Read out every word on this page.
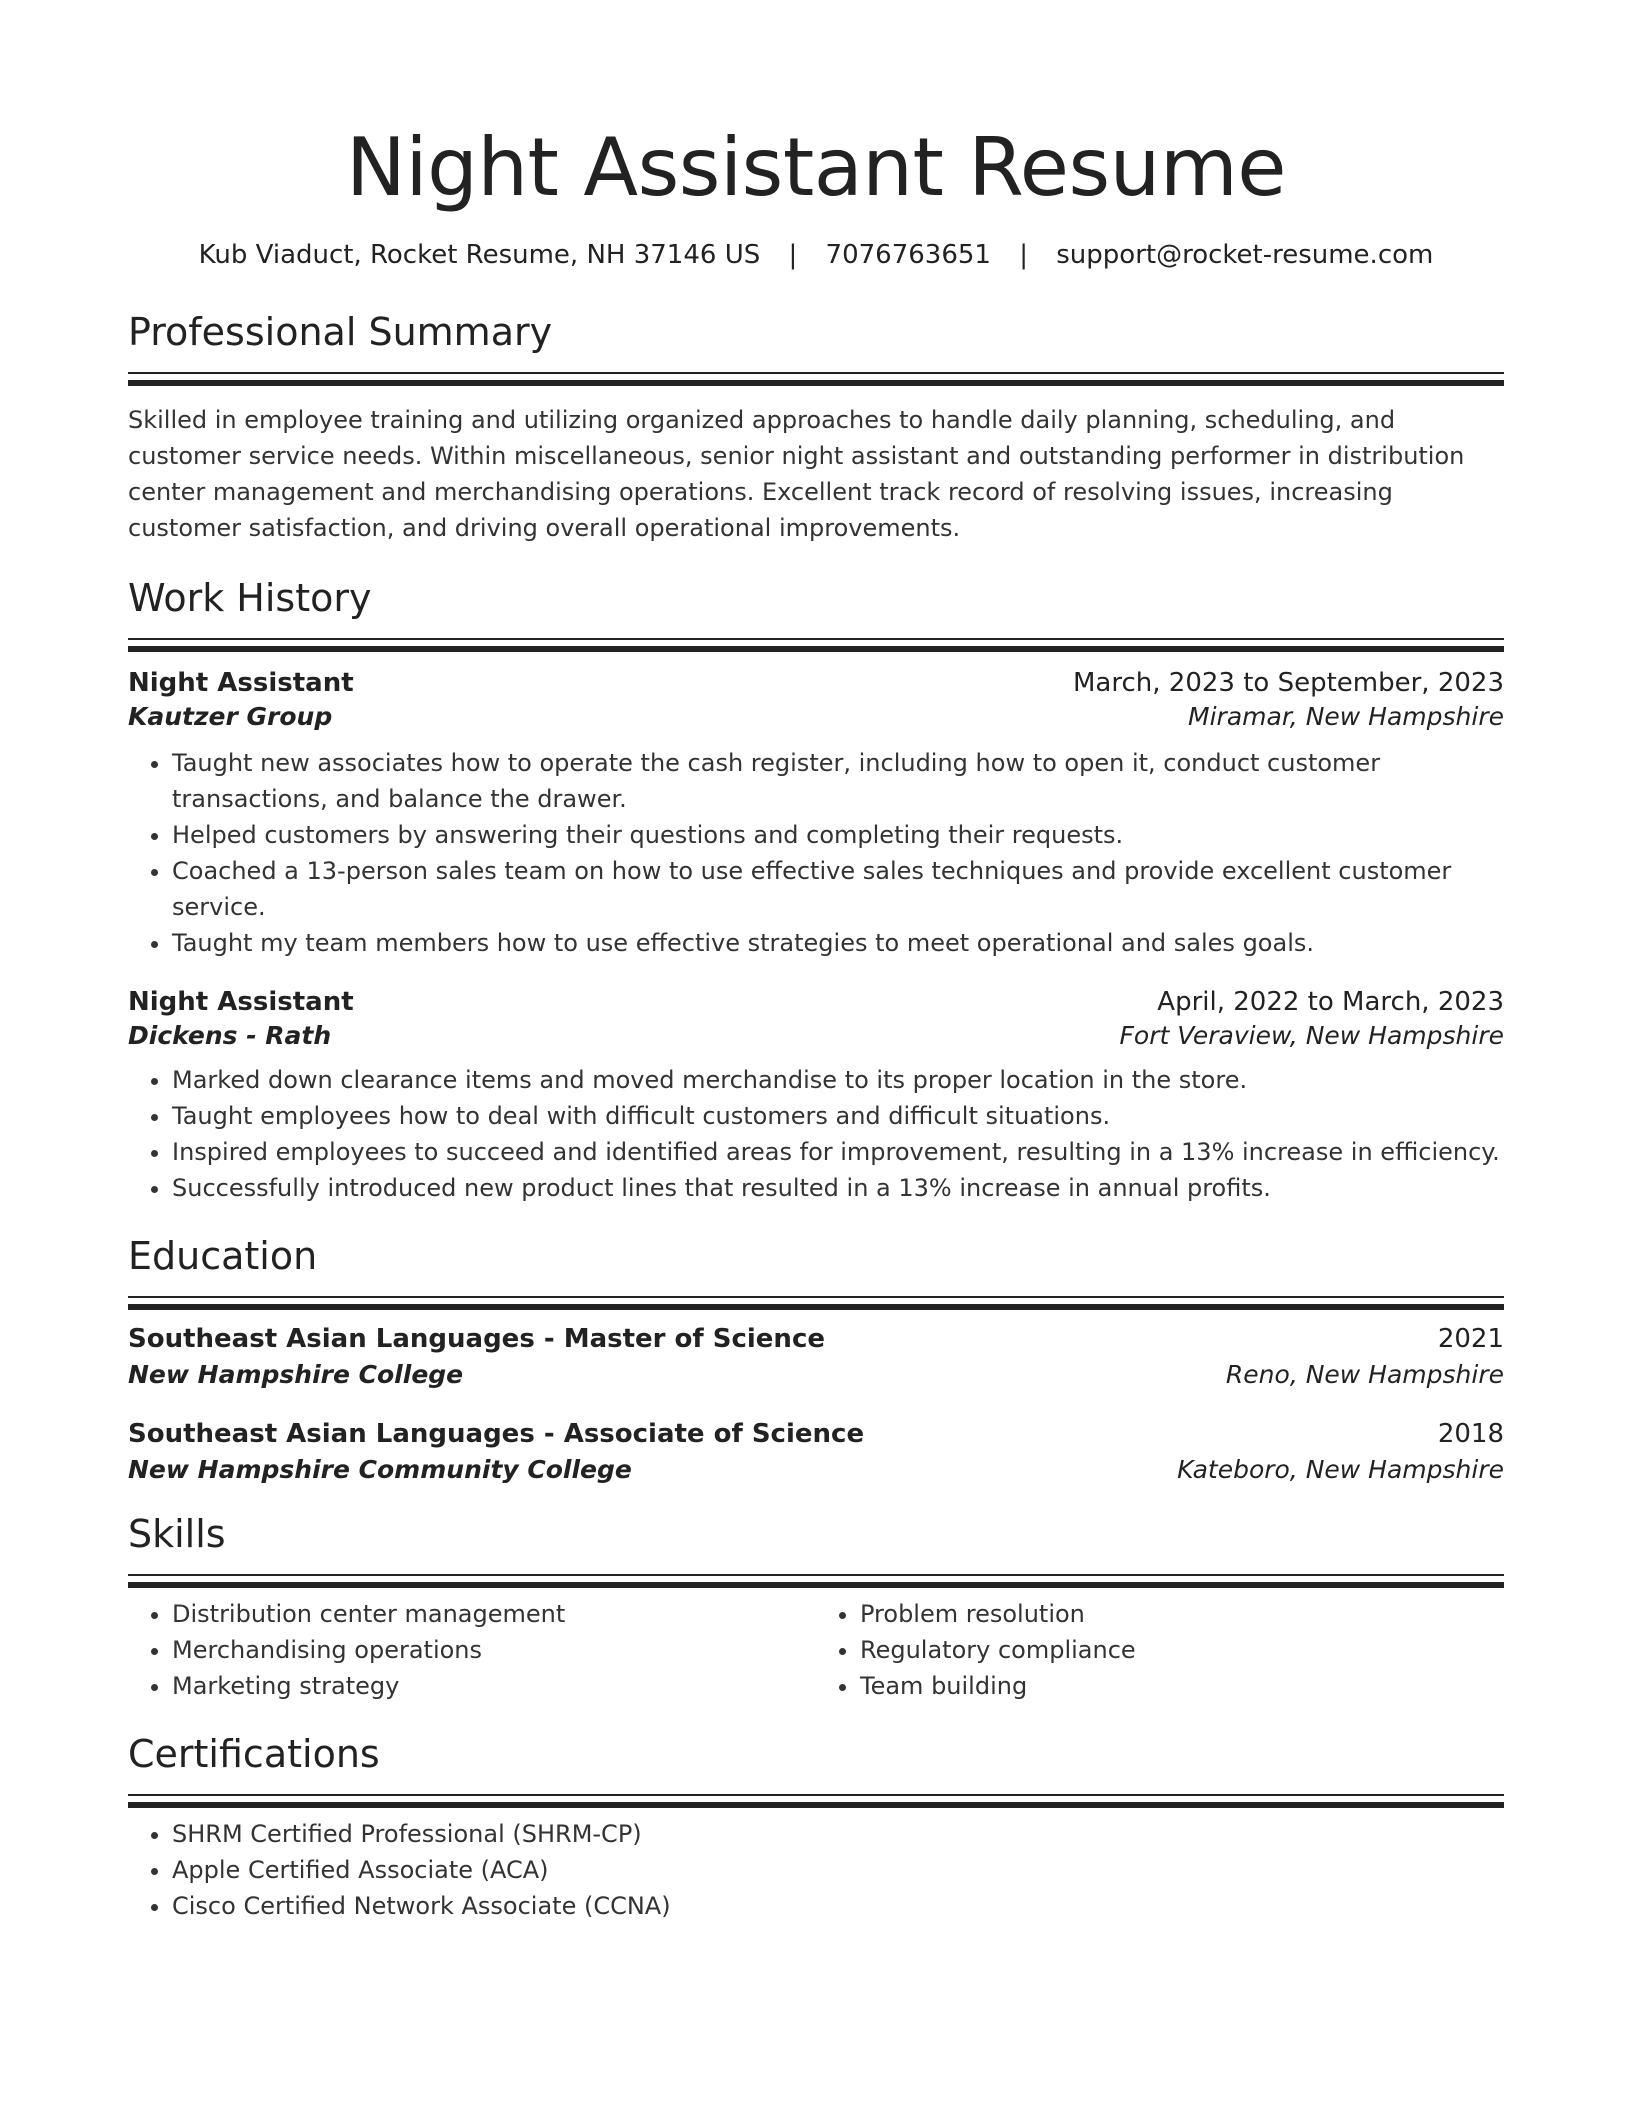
Night Assistant Resume
Kub Viaduct, Rocket Resume, NH 37146 US | 7076763651 | support@rocket-resume.com
Professional Summary
Skilled in employee training and utilizing organized approaches to handle daily planning, scheduling, and customer service needs. Within miscellaneous, senior night assistant and outstanding performer in distribution center management and merchandising operations. Excellent track record of resolving issues, increasing customer satisfaction, and driving overall operational improvements.
Work History
Night Assistant	March, 2023 to September, 2023
Kautzer Group	Miramar, New Hampshire
• Taught new associates how to operate the cash register, including how to open it, conduct customer transactions, and balance the drawer.
• Helped customers by answering their questions and completing their requests.
• Coached a 13-person sales team on how to use effective sales techniques and provide excellent customer service.
• Taught my team members how to use effective strategies to meet operational and sales goals.
Night Assistant	April, 2022 to March, 2023
Dickens - Rath	Fort Veraview, New Hampshire
• Marked down clearance items and moved merchandise to its proper location in the store.
• Taught employees how to deal with difficult customers and difficult situations.
• Inspired employees to succeed and identified areas for improvement, resulting in a 13% increase in efficiency.
• Successfully introduced new product lines that resulted in a 13% increase in annual profits.
Education
Southeast Asian Languages - Master of Science	2021
New Hampshire College	Reno, New Hampshire
Southeast Asian Languages - Associate of Science	2018
New Hampshire Community College	Kateboro, New Hampshire
Skills
• Distribution center management
• Merchandising operations
• Marketing strategy
• Problem resolution
• Regulatory compliance
• Team building
Certifications
• SHRM Certified Professional (SHRM-CP)
• Apple Certified Associate (ACA)
• Cisco Certified Network Associate (CCNA)
